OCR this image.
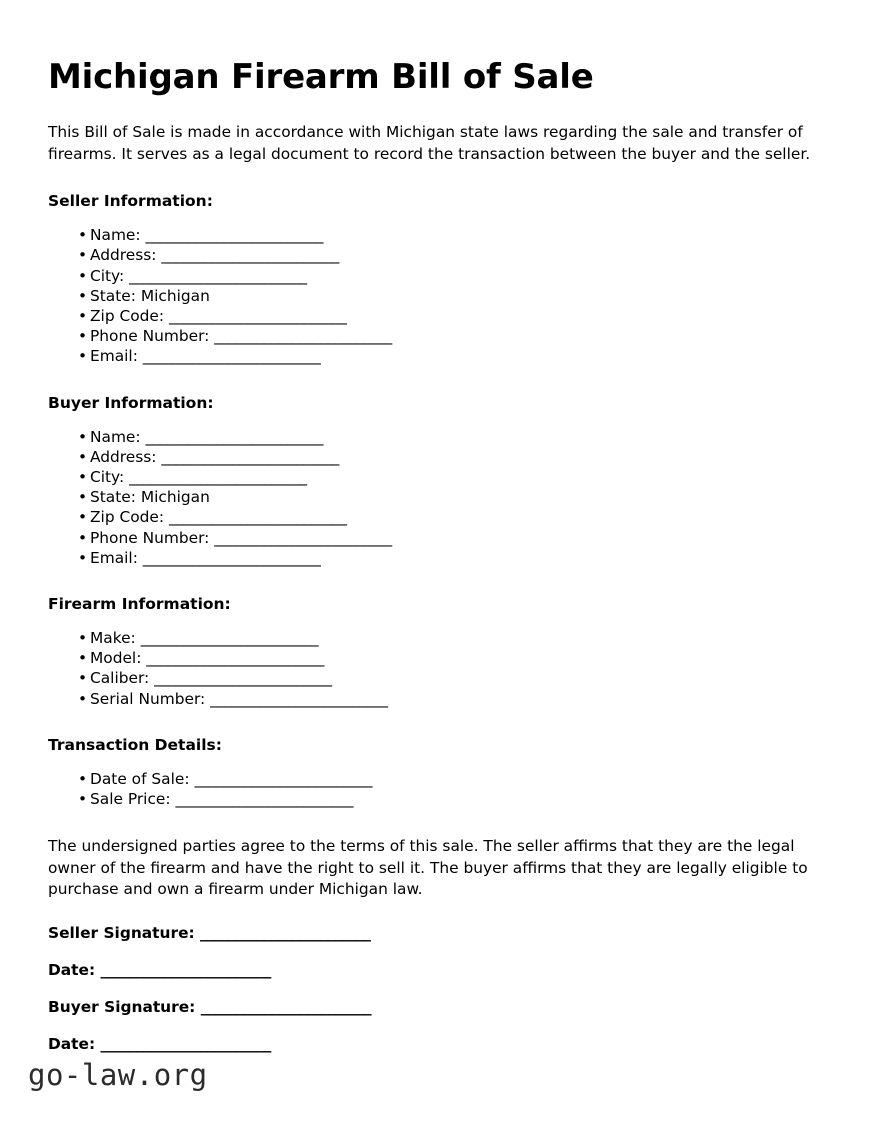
Michigan Firearm Bill of Sale

This Bill of Sale is made in accordance with Michigan state laws regarding the sale and transfer of firearms. It serves as a legal document to record the transaction between the buyer and the seller.

Seller Information:
• Name: _________________________
• Address: _________________________
• City: _________________________
• State: Michigan
• Zip Code: _________________________
• Phone Number: _________________________
• Email: _________________________
Buyer Information:
• Name: _________________________
• Address: _________________________
• City: _________________________
• State: Michigan
• Zip Code: _________________________
• Phone Number: _________________________
• Email: _________________________
Firearm Information:
• Make: _________________________
• Model: _________________________
• Caliber: _________________________
• Serial Number: _________________________
Transaction Details:
• Date of Sale: _________________________
• Sale Price: _________________________

The undersigned parties agree to the terms of this sale. The seller affirms that they are the legal owner of the firearm and have the right to sell it. The buyer affirms that they are legally eligible to purchase and own a firearm under Michigan law.

Seller Signature: ________________________
Date: ________________________
Buyer Signature: ________________________
Date: ________________________
go-law.org
